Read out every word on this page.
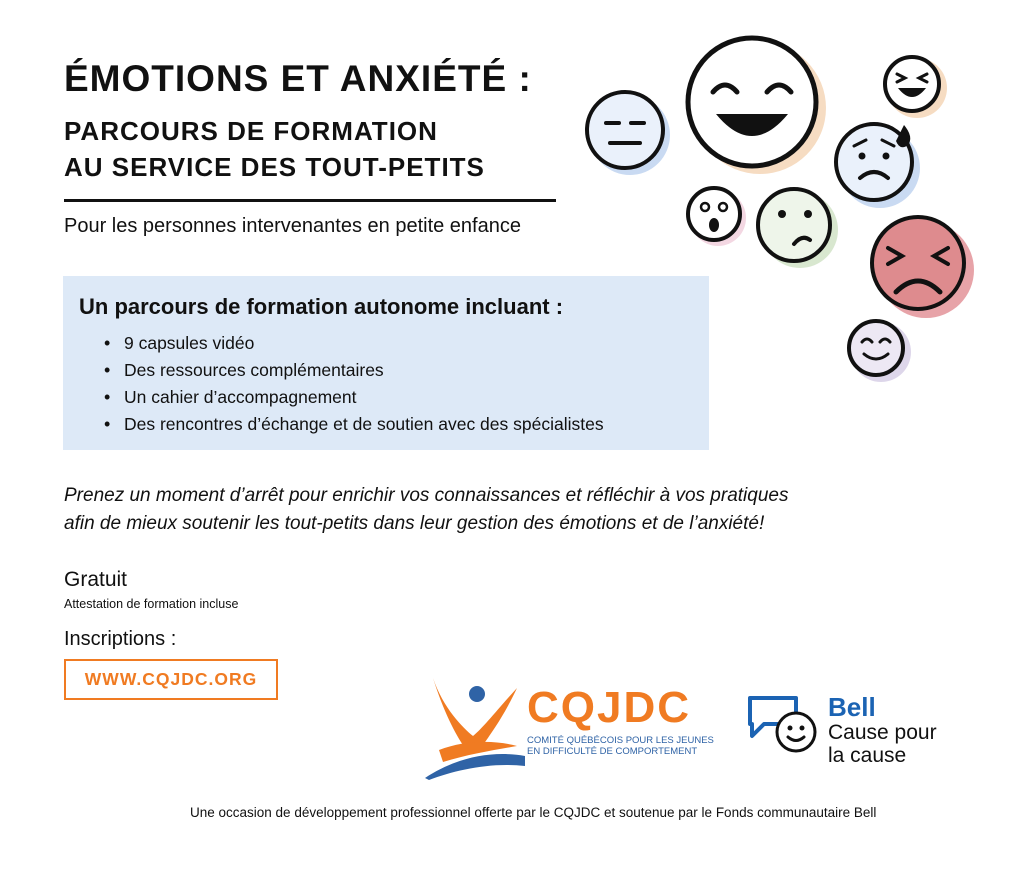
ÉMOTIONS ET ANXIÉTÉ :
PARCOURS DE FORMATION
AU SERVICE DES TOUT-PETITS
Pour les personnes intervenantes en petite enfance
Un parcours de formation autonome incluant :
• 9 capsules vidéo
• Des ressources complémentaires
• Un cahier d’accompagnement
• Des rencontres d’échange et de soutien avec des spécialistes
Prenez un moment d’arrêt pour enrichir vos connaissances et réfléchir à vos pratiques
afin de mieux soutenir les tout-petits dans leur gestion des émotions et de l’anxiété!
Gratuit
Attestation de formation incluse
Inscriptions :
WWW.CQJDC.ORG
CQJDC
COMITÉ QUÉBÉCOIS POUR LES JEUNES
EN DIFFICULTÉ DE COMPORTEMENT
Bell
Cause pour
la cause
Une occasion de développement professionnel offerte par le CQJDC et soutenue par le Fonds communautaire Bell
